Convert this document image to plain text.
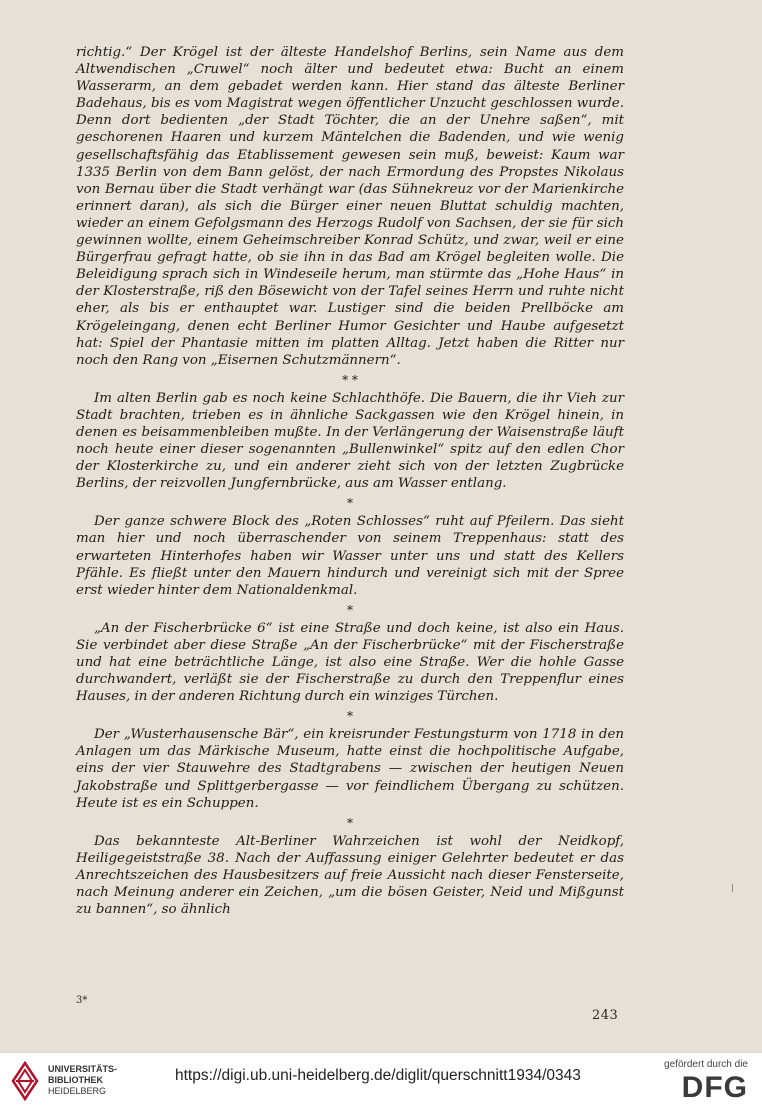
richtig.“ Der Krögel ist der älteste Handelshof Berlins, sein Name aus dem Altwendischen „Cruwel“ noch älter und bedeutet etwa: Bucht an einem Wasserarm, an dem gebadet werden kann. Hier stand das älteste Berliner Badehaus, bis es vom Magistrat wegen öffentlicher Unzucht geschlossen wurde. Denn dort bedienten „der Stadt Töchter, die an der Unehre saßen“, mit geschorenen Haaren und kurzem Mäntelchen die Badenden, und wie wenig gesellschaftsfähig das Etablissement gewesen sein muß, beweist: Kaum war 1335 Berlin von dem Bann gelöst, der nach Ermordung des Propstes Nikolaus von Bernau über die Stadt verhängt war (das Sühnekreuz vor der Marienkirche erinnert daran), als sich die Bürger einer neuen Bluttat schuldig machten, wieder an einem Gefolgsmann des Herzogs Rudolf von Sachsen, der sie für sich gewinnen wollte, einem Geheimschreiber Konrad Schütz, und zwar, weil er eine Bürgerfrau gefragt hatte, ob sie ihn in das Bad am Krögel begleiten wolle. Die Beleidigung sprach sich in Windeseile herum, man stürmte das „Hohe Haus“ in der Klosterstraße, riß den Bösewicht von der Tafel seines Herrn und ruhte nicht eher, als bis er enthauptet war. Lustiger sind die beiden Prellböcke am Krögeleingang, denen echt Berliner Humor Gesichter und Haube aufgesetzt hat: Spiel der Phantasie mitten im platten Alltag. Jetzt haben die Ritter nur noch den Rang von „Eisernen Schutzmännern“.

* *

Im alten Berlin gab es noch keine Schlachthöfe. Die Bauern, die ihr Vieh zur Stadt brachten, trieben es in ähnliche Sackgassen wie den Krögel hinein, in denen es beisammenbleiben mußte. In der Verlängerung der Waisenstraße läuft noch heute einer dieser sogenannten „Bullenwinkel“ spitz auf den edlen Chor der Klosterkirche zu, und ein anderer zieht sich von der letzten Zugbrücke Berlins, der reizvollen Jungfernbrücke, aus am Wasser entlang.

*

Der ganze schwere Block des „Roten Schlosses“ ruht auf Pfeilern. Das sieht man hier und noch überraschender von seinem Treppenhaus: statt des erwarteten Hinterhofes haben wir Wasser unter uns und statt des Kellers Pfähle. Es fließt unter den Mauern hindurch und vereinigt sich mit der Spree erst wieder hinter dem Nationaldenkmal.

*

„An der Fischerbrücke 6“ ist eine Straße und doch keine, ist also ein Haus. Sie verbindet aber diese Straße „An der Fischerbrücke“ mit der Fischerstraße und hat eine beträchtliche Länge, ist also eine Straße. Wer die hohle Gasse durchwandert, verläßt sie der Fischerstraße zu durch den Treppenflur eines Hauses, in der anderen Richtung durch ein winziges Türchen.

*

Der „Wusterhausensche Bär“, ein kreisrunder Festungsturm von 1718 in den Anlagen um das Märkische Museum, hatte einst die hochpolitische Aufgabe, eins der vier Stauwehre des Stadtgrabens — zwischen der heutigen Neuen Jakobstraße und Splittgerbergasse — vor feindlichem Übergang zu schützen. Heute ist es ein Schuppen.

*

Das bekannteste Alt-Berliner Wahrzeichen ist wohl der Neidkopf, Heiligegeiststraße 38. Nach der Auffassung einiger Gelehrter bedeutet er das Anrechtszeichen des Hausbesitzers auf freie Aussicht nach dieser Fensterseite, nach Meinung anderer ein Zeichen, „um die bösen Geister, Neid und Mißgunst zu bannen“, so ähnlich

3*
243
UNIVERSITÄTS-
BIBLIOTHEK
HEIDELBERG
https://digi.ub.uni-heidelberg.de/diglit/querschnitt1934/0343
gefördert durch die
DFG
